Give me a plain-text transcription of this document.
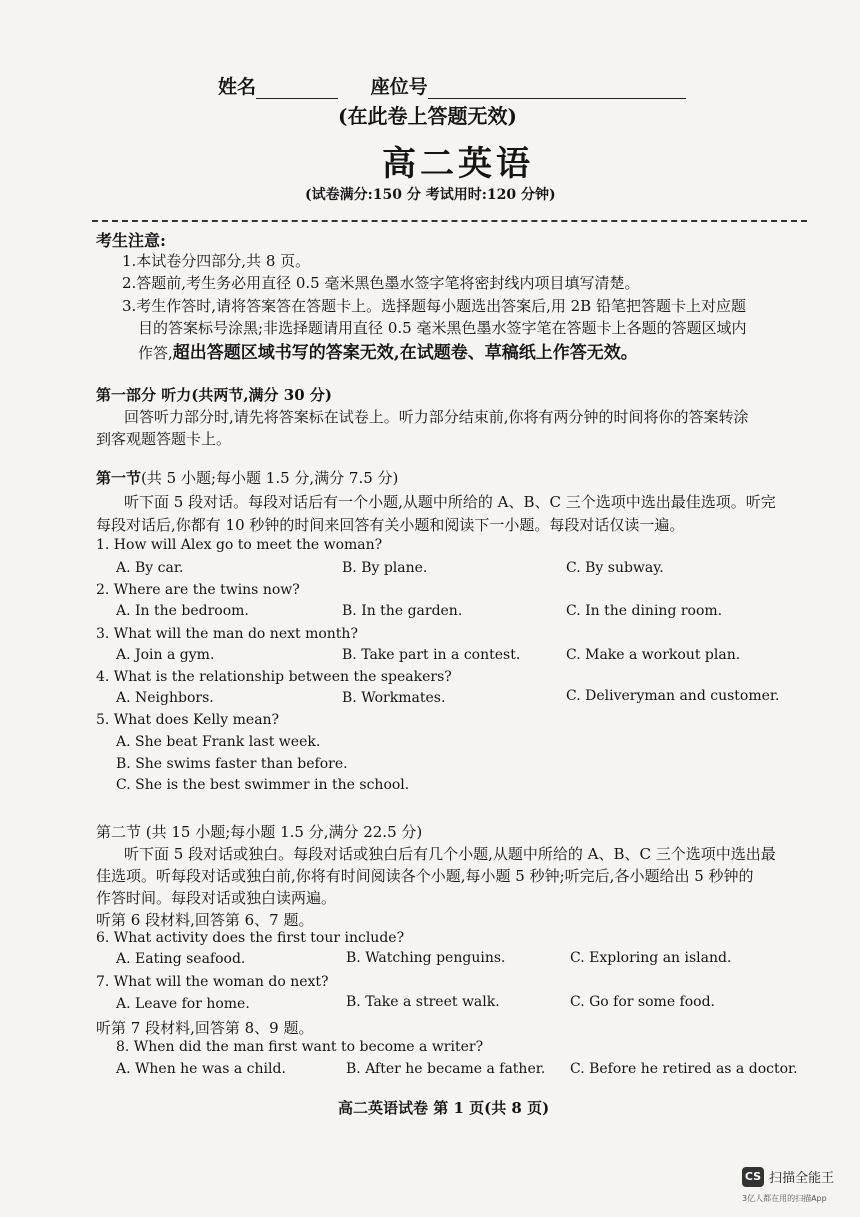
姓名	座位号
(在此卷上答题无效)
高二英语
(试卷满分:150 分 考试用时:120 分钟)
考生注意:
1.本试卷分四部分,共 8 页。
2.答题前,考生务必用直径 0.5 毫米黑色墨水签字笔将密封线内项目填写清楚。
3.考生作答时,请将答案答在答题卡上。选择题每小题选出答案后,用 2B 铅笔把答题卡上对应题
目的答案标号涂黑;非选择题请用直径 0.5 毫米黑色墨水签字笔在答题卡上各题的答题区域内
作答,超出答题区域书写的答案无效,在试题卷、草稿纸上作答无效。
第一部分 听力(共两节,满分 30 分)
回答听力部分时,请先将答案标在试卷上。听力部分结束前,你将有两分钟的时间将你的答案转涂
到客观题答题卡上。
第一节(共 5 小题;每小题 1.5 分,满分 7.5 分)
听下面 5 段对话。每段对话后有一个小题,从题中所给的 A、B、C 三个选项中选出最佳选项。听完
每段对话后,你都有 10 秒钟的时间来回答有关小题和阅读下一小题。每段对话仅读一遍。
1. How will Alex go to meet the woman?
A. By car.	B. By plane.	C. By subway.
2. Where are the twins now?
A. In the bedroom.	B. In the garden.	C. In the dining room.
3. What will the man do next month?
A. Join a gym.	B. Take part in a contest.	C. Make a workout plan.
4. What is the relationship between the speakers?
A. Neighbors.	B. Workmates.	C. Deliveryman and customer.
5. What does Kelly mean?
A. She beat Frank last week.
B. She swims faster than before.
C. She is the best swimmer in the school.
第二节 (共 15 小题;每小题 1.5 分,满分 22.5 分)
听下面 5 段对话或独白。每段对话或独白后有几个小题,从题中所给的 A、B、C 三个选项中选出最
佳选项。听每段对话或独白前,你将有时间阅读各个小题,每小题 5 秒钟;听完后,各小题给出 5 秒钟的
作答时间。每段对话或独白读两遍。
听第 6 段材料,回答第 6、7 题。
6. What activity does the first tour include?
A. Eating seafood.	B. Watching penguins.	C. Exploring an island.
7. What will the woman do next?
A. Leave for home.	B. Take a street walk.	C. Go for some food.
听第 7 段材料,回答第 8、9 题。
8. When did the man first want to become a writer?
A. When he was a child.	B. After he became a father. C. Before he retired as a doctor.
高二英语试卷 第 1 页(共 8 页)
CS 扫描全能王
3亿人都在用的扫描App
